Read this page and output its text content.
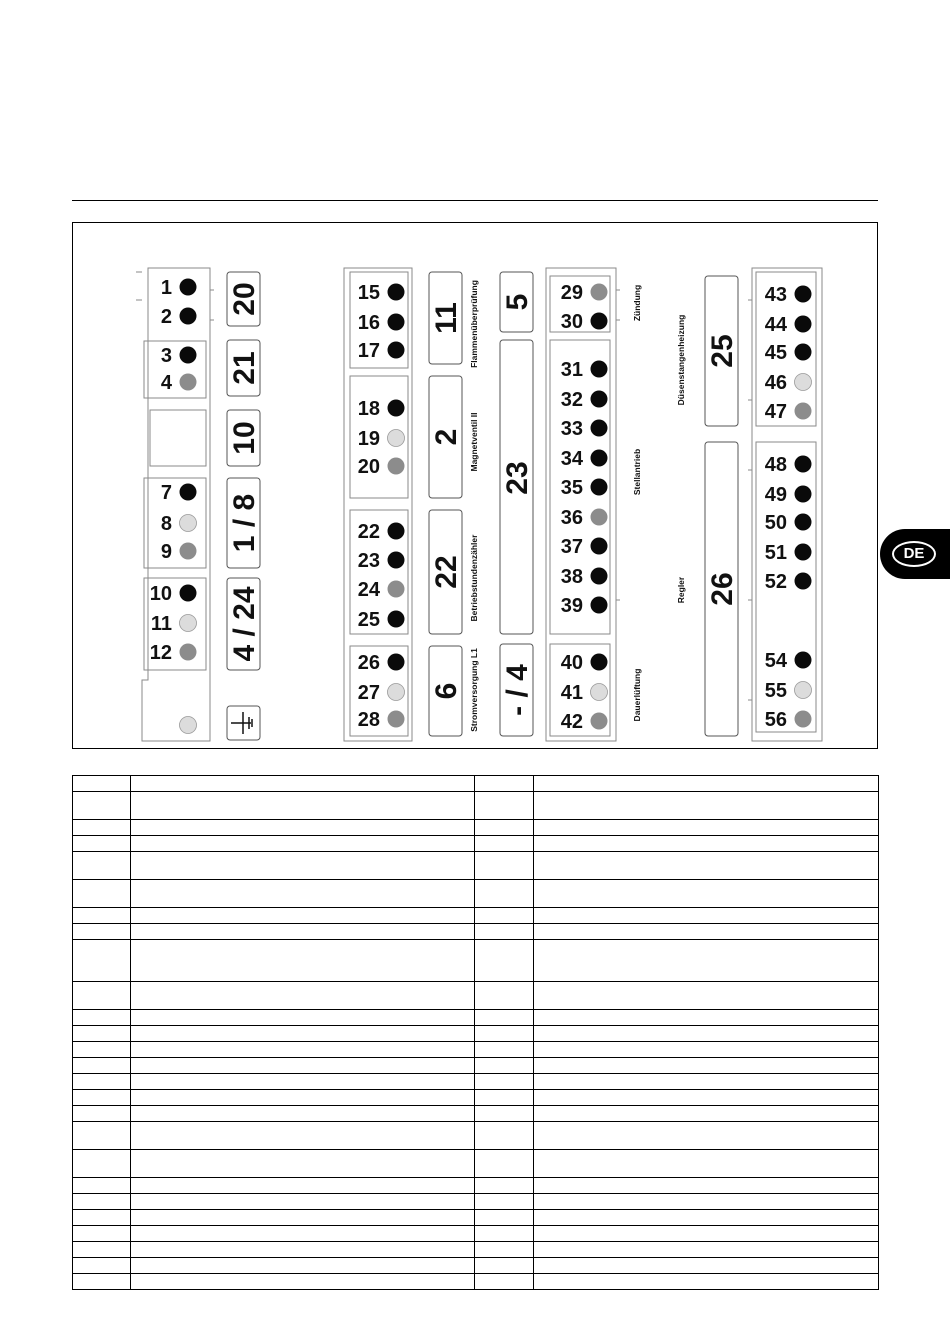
1
2
3
4
7
8
9
10
11
12
15
16
17
18
19
20
22
23
24
25
26
27
28
29
30
31
32
33
34
35
36
37
38
39
40
41
42
43
44
45
46
47
48
49
50
51
52
54
55
56
20
21
10
1 / 8
4 / 24
11
2
22
6
5
23
- / 4
25
26
Flammenüberprüfung
Magnetventil II
Betriebstundenzähler
Stromversorgung L1
Zündung
Stellantrieb
Dauerlüftung
Düsenstangenheizung
Regler
DE
